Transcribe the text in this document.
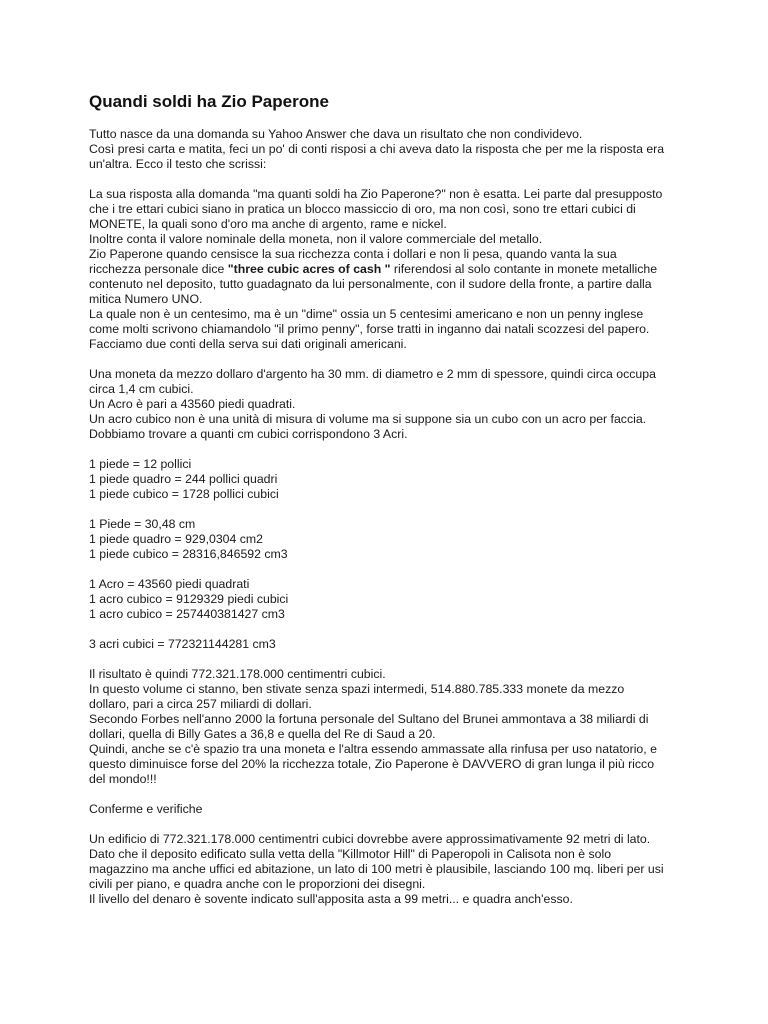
Quandi soldi ha Zio Paperone
Tutto nasce da una domanda su Yahoo Answer che dava un risultato che non condividevo.
Così presi carta e matita, feci un po' di conti risposi a chi aveva dato la risposta che per me la risposta era
un'altra. Ecco il testo che scrissi:
La sua risposta alla domanda "ma quanti soldi ha Zio Paperone?" non è esatta. Lei parte dal presupposto
che i tre ettari cubici siano in pratica un blocco massiccio di oro, ma non così, sono tre ettari cubici di
MONETE, la quali sono d'oro ma anche di argento, rame e nickel.
Inoltre conta il valore nominale della moneta, non il valore commerciale del metallo.
Zio Paperone quando censisce la sua ricchezza conta i dollari e non li pesa, quando vanta la sua
ricchezza personale dice "three cubic acres of cash " riferendosi al solo contante in monete metalliche
contenuto nel deposito, tutto guadagnato da lui personalmente, con il sudore della fronte, a partire dalla
mitica Numero UNO.
La quale non è un centesimo, ma è un "dime" ossia un 5 centesimi americano e non un penny inglese
come molti scrivono chiamandolo "il primo penny", forse tratti in inganno dai natali scozzesi del papero.
Facciamo due conti della serva sui dati originali americani.
Una moneta da mezzo dollaro d'argento ha 30 mm. di diametro e 2 mm di spessore, quindi circa occupa
circa 1,4 cm cubici.
Un Acro è pari a 43560 piedi quadrati.
Un acro cubico non è una unità di misura di volume ma si suppone sia un cubo con un acro per faccia.
Dobbiamo trovare a quanti cm cubici corrispondono 3 Acri.
1 piede = 12 pollici
1 piede quadro = 244 pollici quadri
1 piede cubico = 1728 pollici cubici
1 Piede = 30,48 cm
1 piede quadro = 929,0304 cm2
1 piede cubico = 28316,846592 cm3
1 Acro = 43560 piedi quadrati
1 acro cubico = 9129329 piedi cubici
1 acro cubico = 257440381427 cm3
3 acri cubici = 772321144281 cm3
Il risultato è quindi 772.321.178.000 centimentri cubici.
In questo volume ci stanno, ben stivate senza spazi intermedi, 514.880.785.333 monete da mezzo
dollaro, pari a circa 257 miliardi di dollari.
Secondo Forbes nell'anno 2000 la fortuna personale del Sultano del Brunei ammontava a 38 miliardi di
dollari, quella di Billy Gates a 36,8 e quella del Re di Saud a 20.
Quindi, anche se c'è spazio tra una moneta e l'altra essendo ammassate alla rinfusa per uso natatorio, e
questo diminuisce forse del 20% la ricchezza totale, Zio Paperone è DAVVERO di gran lunga il più ricco
del mondo!!!
Conferme e verifiche
Un edificio di 772.321.178.000 centimentri cubici dovrebbe avere approssimativamente 92 metri di lato.
Dato che il deposito edificato sulla vetta della "Killmotor Hill" di Paperopoli in Calisota non è solo
magazzino ma anche uffici ed abitazione, un lato di 100 metri è plausibile, lasciando 100 mq. liberi per usi
civili per piano, e quadra anche con le proporzioni dei disegni.
Il livello del denaro è sovente indicato sull'apposita asta a 99 metri... e quadra anch'esso.
